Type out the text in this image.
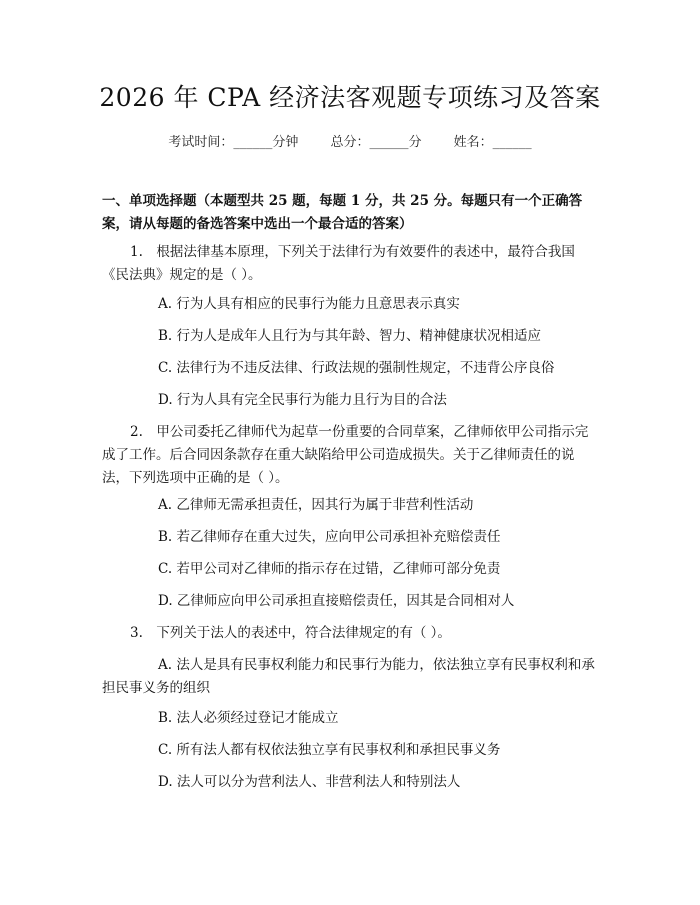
2026 年 CPA 经济法客观题专项练习及答案
考试时间：______分钟 总分：______分 姓名：______
一、单项选择题（本题型共 25 题，每题 1 分，共 25 分。每题只有一个正确答案，请从每题的备选答案中选出一个最合适的答案）
1.　根据法律基本原理，下列关于法律行为有效要件的表述中，最符合我国《民法典》规定的是（ ）。
A. 行为人具有相应的民事行为能力且意思表示真实
B. 行为人是成年人且行为与其年龄、智力、精神健康状况相适应
C. 法律行为不违反法律、行政法规的强制性规定，不违背公序良俗
D. 行为人具有完全民事行为能力且行为目的合法
2.　甲公司委托乙律师代为起草一份重要的合同草案，乙律师依甲公司指示完成了工作。后合同因条款存在重大缺陷给甲公司造成损失。关于乙律师责任的说法，下列选项中正确的是（ ）。
A. 乙律师无需承担责任，因其行为属于非营利性活动
B. 若乙律师存在重大过失，应向甲公司承担补充赔偿责任
C. 若甲公司对乙律师的指示存在过错，乙律师可部分免责
D. 乙律师应向甲公司承担直接赔偿责任，因其是合同相对人
3.　下列关于法人的表述中，符合法律规定的有（ ）。
A. 法人是具有民事权利能力和民事行为能力，依法独立享有民事权利和承担民事义务的组织
B. 法人必须经过登记才能成立
C. 所有法人都有权依法独立享有民事权利和承担民事义务
D. 法人可以分为营利法人、非营利法人和特别法人
